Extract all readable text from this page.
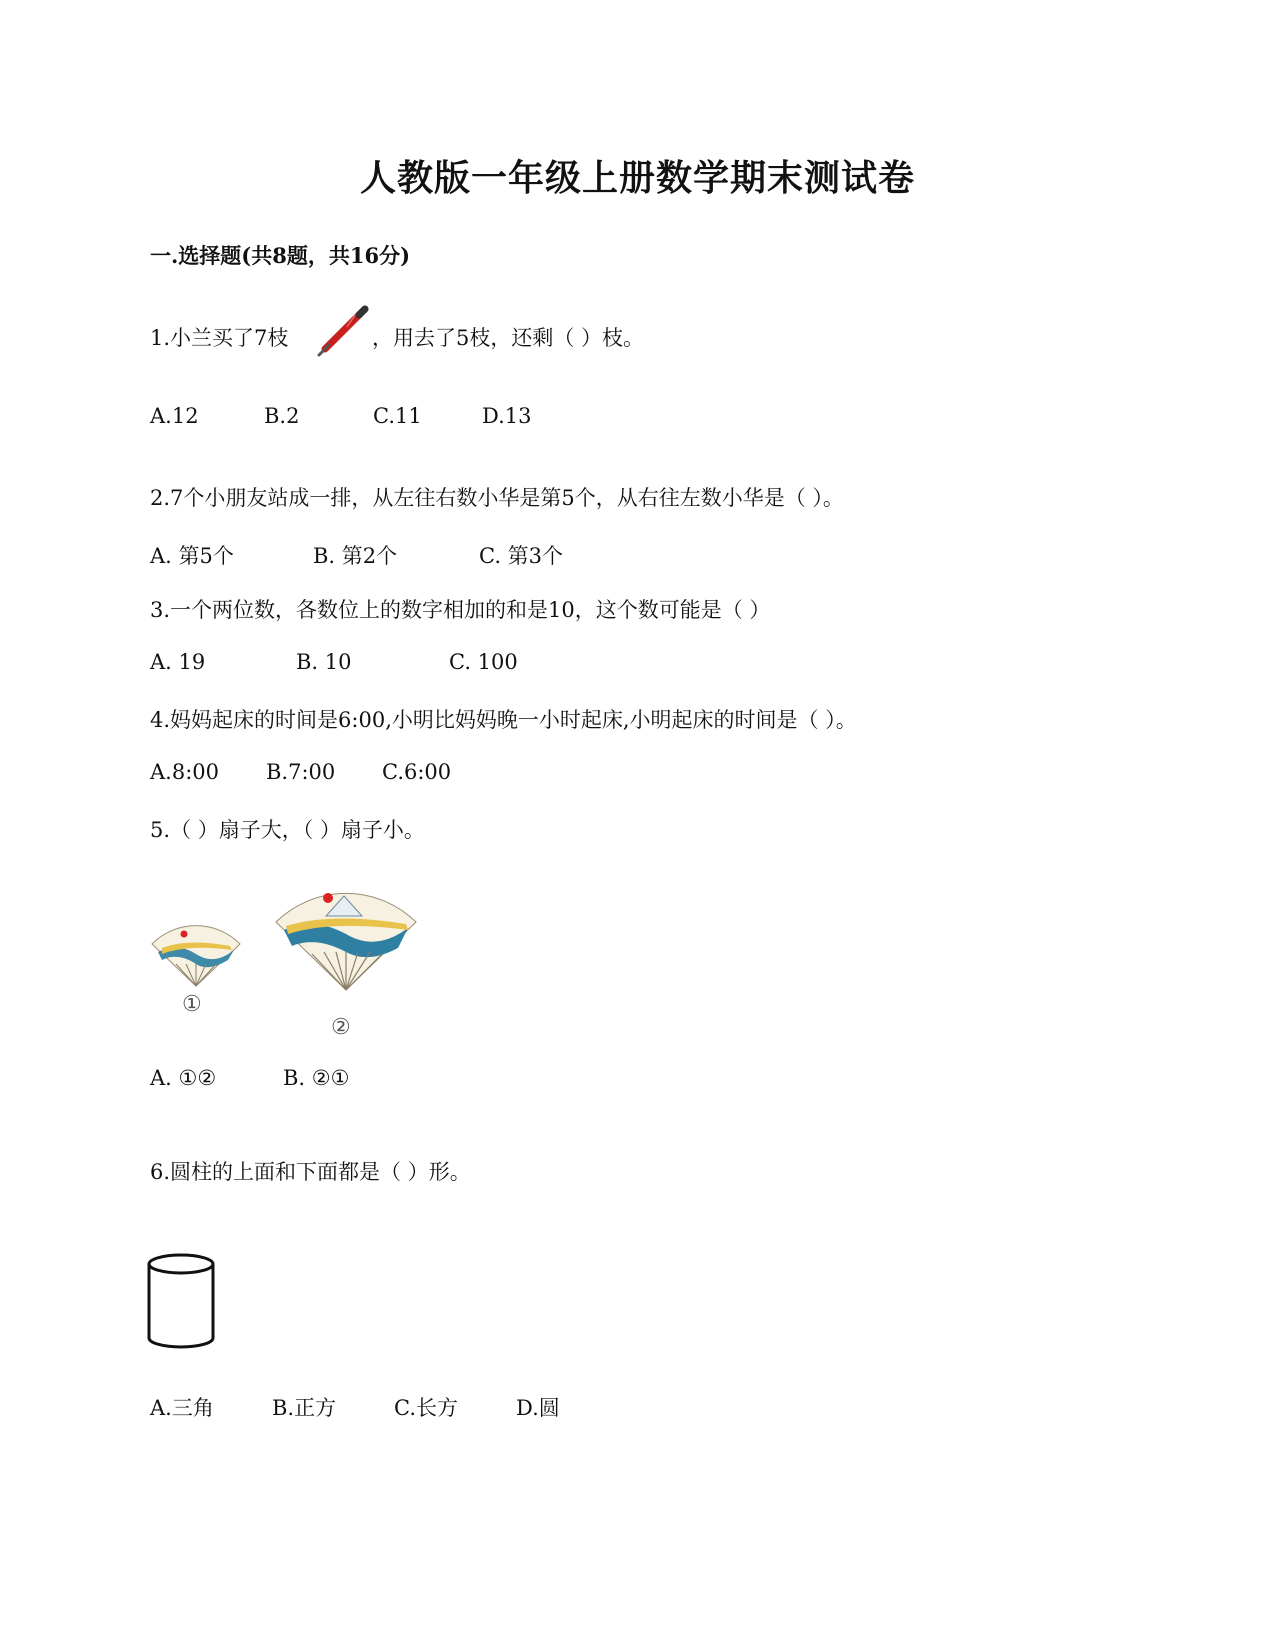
人教版一年级上册数学期末测试卷
一.选择题(共8题，共16分)
1.小兰买了7枝	，用去了5枝，还剩（ ）枝。
A.12	B.2	C.11	D.13
2.7个小朋友站成一排，从左往右数小华是第5个，从右往左数小华是（ ）。
A. 第5个	B. 第2个	C. 第3个
3.一个两位数，各数位上的数字相加的和是10，这个数可能是（ ）
A. 19	B. 10	C. 100
4.妈妈起床的时间是6:00,小明比妈妈晚一小时起床,小明起床的时间是（ ）。
A.8:00 B.7:00 C.6:00
5.（ ）扇子大，（ ）扇子小。
①
②
A. ①②	B. ②①
6.圆柱的上面和下面都是（ ）形。
A.三角	B.正方	C.长方	D.圆
